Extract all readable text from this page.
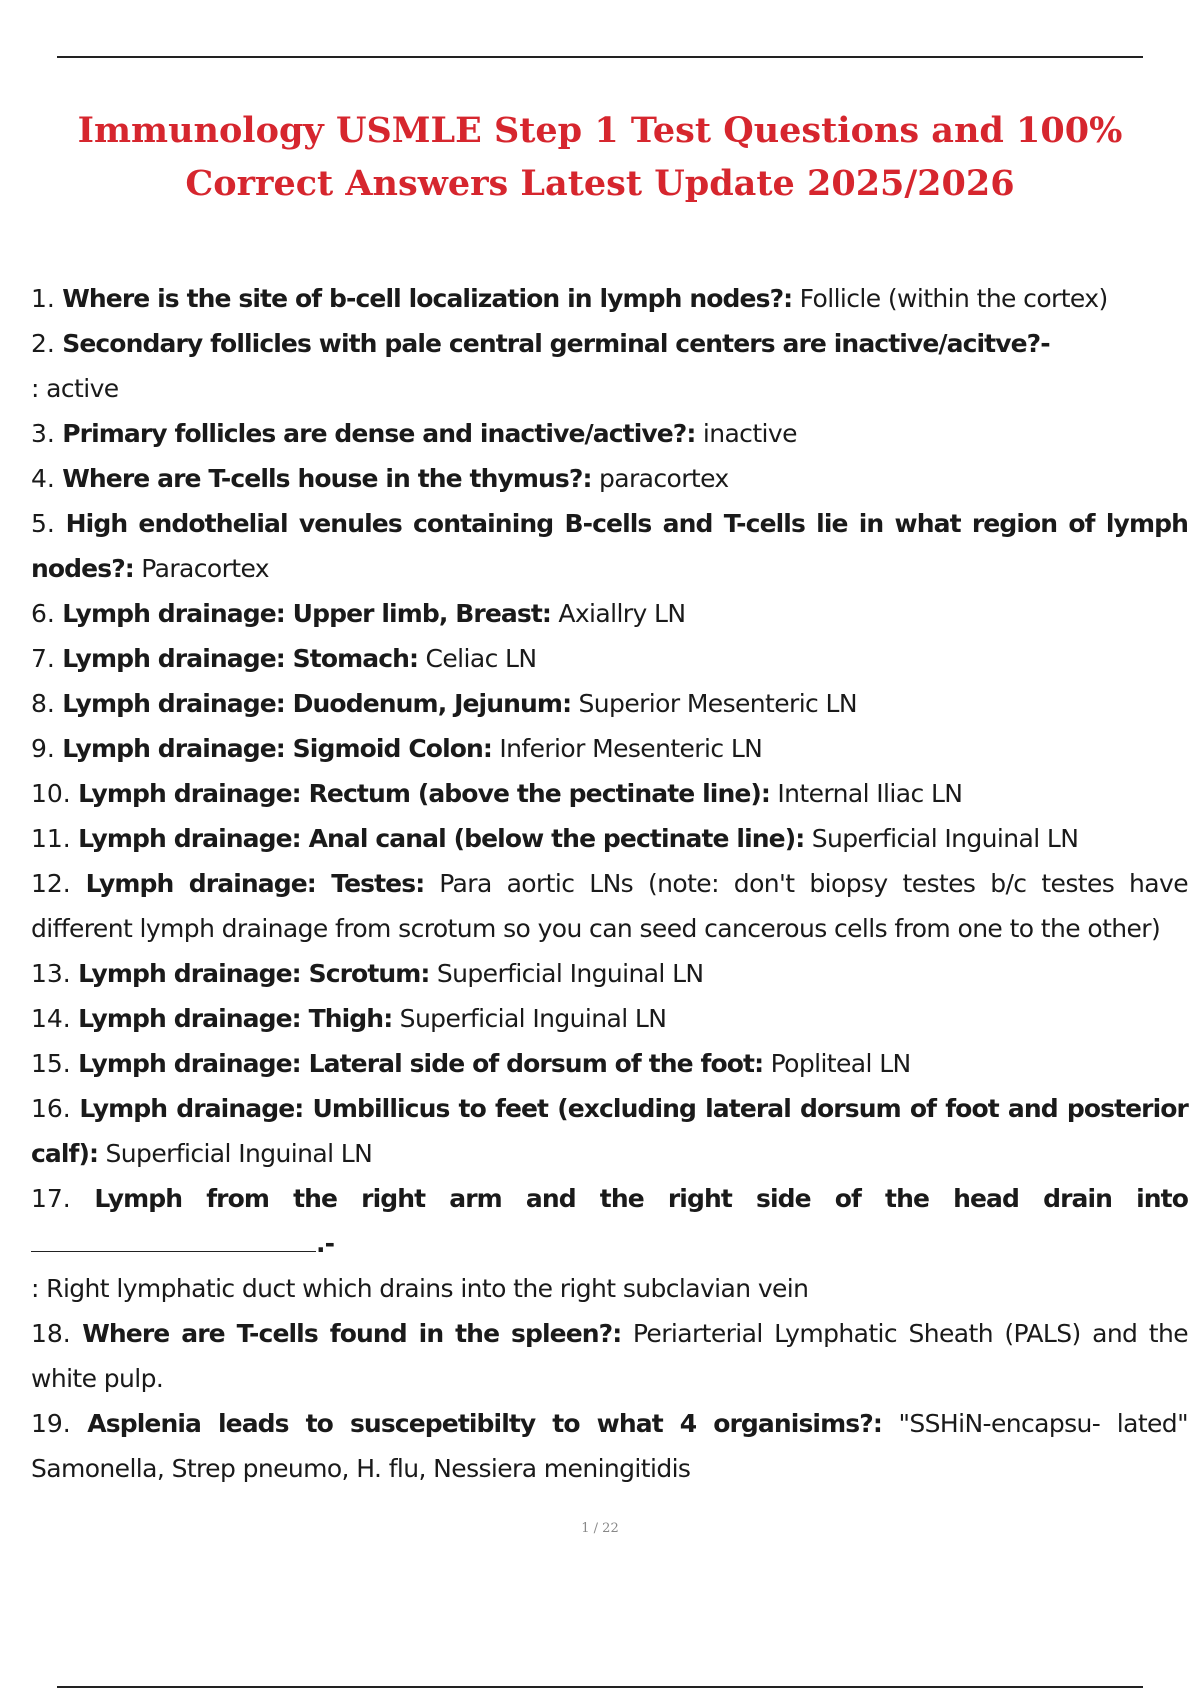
Immunology USMLE Step 1 Test Questions and 100% Correct Answers Latest Update 2025/2026
1. Where is the site of b-cell localization in lymph nodes?: Follicle (within the cortex)
2. Secondary follicles with pale central germinal centers are inactive/acitve?-
: active
3. Primary follicles are dense and inactive/active?: inactive
4. Where are T-cells house in the thymus?: paracortex
5. High endothelial venules containing B-cells and T-cells lie in what region of lymph nodes?: Paracortex
6. Lymph drainage: Upper limb, Breast: Axiallry LN
7. Lymph drainage: Stomach: Celiac LN
8. Lymph drainage: Duodenum, Jejunum: Superior Mesenteric LN
9. Lymph drainage: Sigmoid Colon: Inferior Mesenteric LN
10. Lymph drainage: Rectum (above the pectinate line): Internal Iliac LN
11. Lymph drainage: Anal canal (below the pectinate line): Superficial Inguinal LN
12. Lymph drainage: Testes: Para aortic LNs (note: don't biopsy testes b/c testes have different lymph drainage from scrotum so you can seed cancerous cells from one to the other)
13. Lymph drainage: Scrotum: Superficial Inguinal LN
14. Lymph drainage: Thigh: Superficial Inguinal LN
15. Lymph drainage: Lateral side of dorsum of the foot: Popliteal LN
16. Lymph drainage: Umbillicus to feet (excluding lateral dorsum of foot and posterior calf): Superficial Inguinal LN
17. Lymph from the right arm and the right side of the head drain into .-
: Right lymphatic duct which drains into the right subclavian vein
18. Where are T-cells found in the spleen?: Periarterial Lymphatic Sheath (PALS) and the white pulp.
19. Asplenia leads to suscepetibilty to what 4 organisims?: "SSHiN-encapsu- lated" Samonella, Strep pneumo, H. flu, Nessiera meningitidis
1 / 22
